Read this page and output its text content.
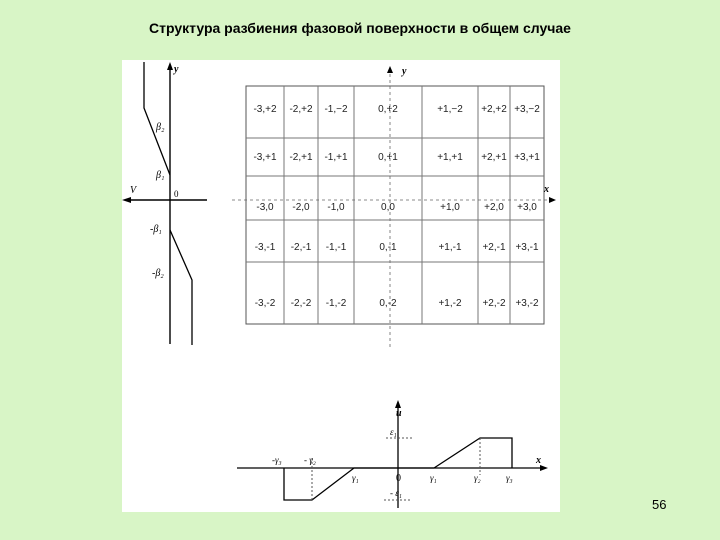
Структура разбиения фазовой поверхности в общем случае
y
V	0
β₂
β₁
-β₁
-β₂
y
x
-3,+2 -2,+2 -1,−2	0,+2	+1,−2 +2,+2 +3,−2
-3,+1 -2,+1 -1,+1	0,+1	+1,+1 +2,+1 +3,+1
-3,0 -2,0 -1,0	0,0	+1,0 +2,0 +3,0
-3,-1 -2,-1 -1,-1	0,-1	+1,-1 +2,-1 +3,-1
-3,-2 -2,-2 -1,-2	0,-2	+1,-2 +2,-2 +3,-2
x
u
ε₁
- ε₁
0
-γ₃ - γ₂
γ₁	γ₁	γ₂	γ₃
56
